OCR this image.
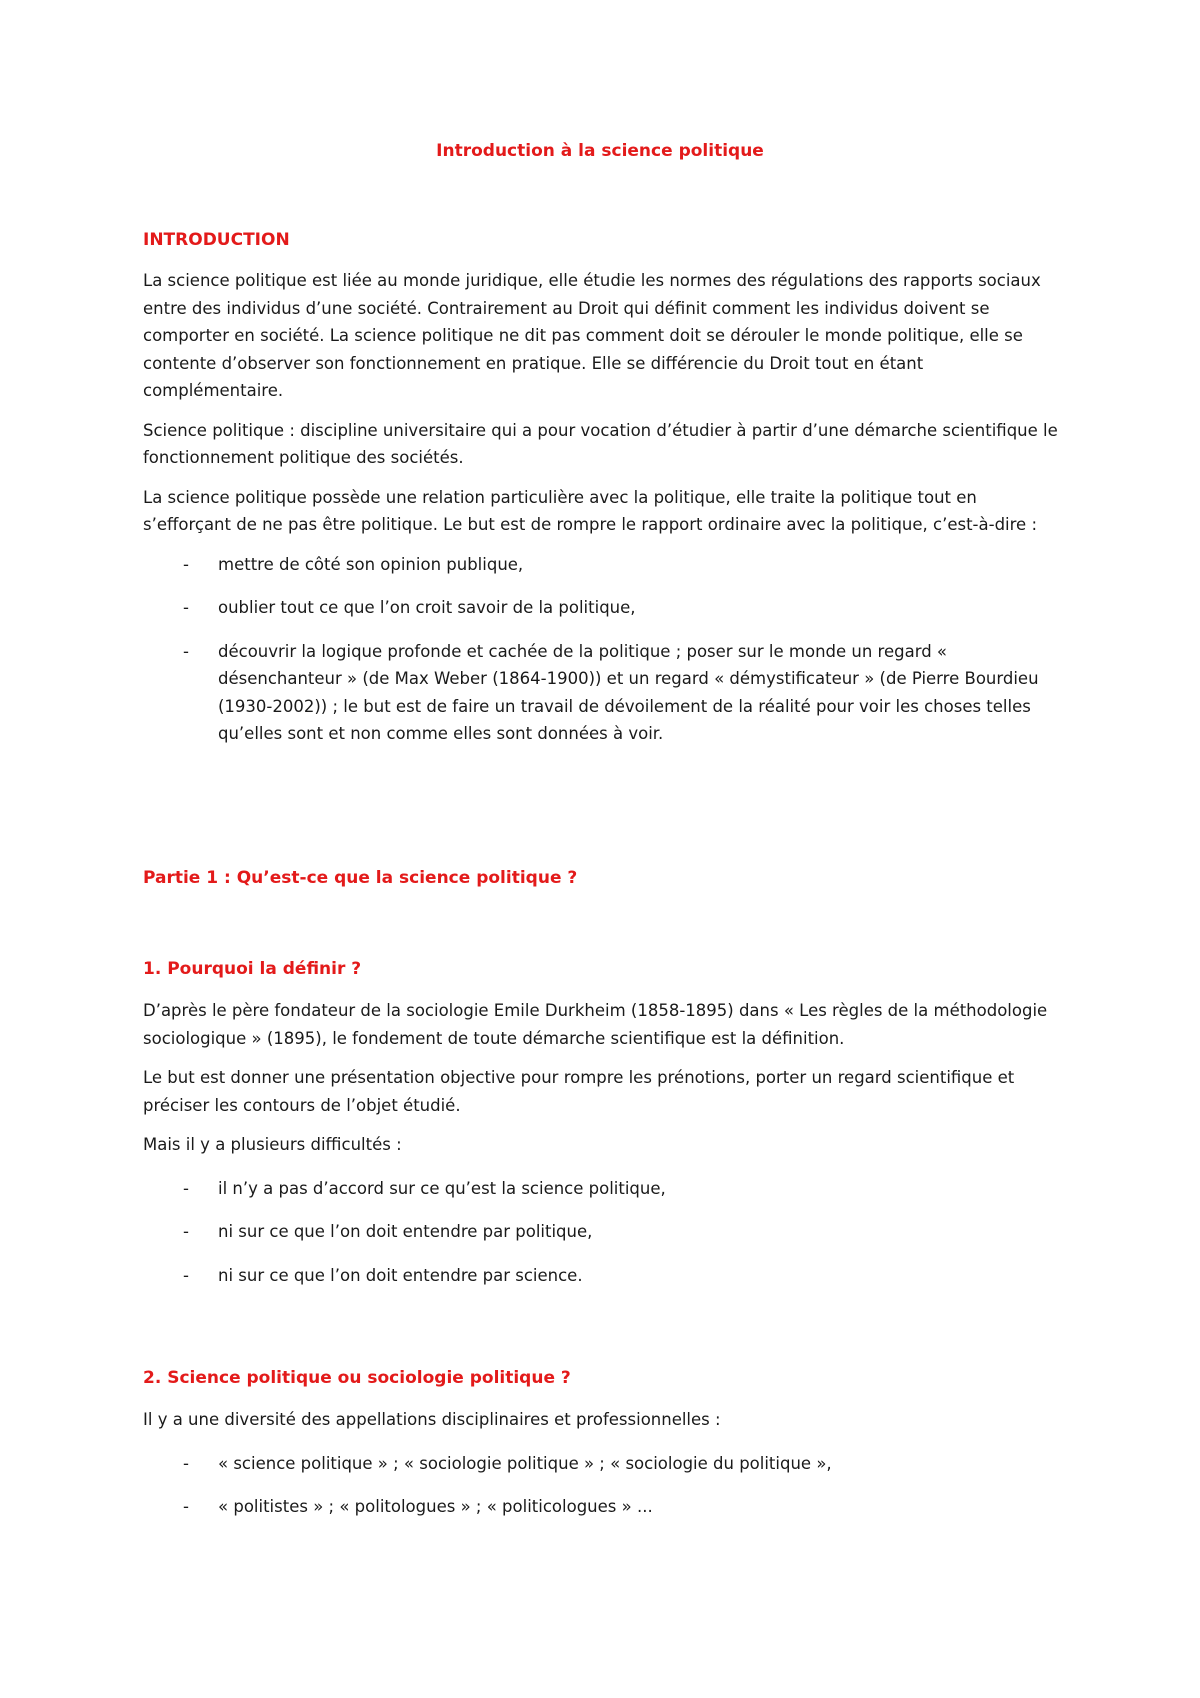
Introduction à la science politique
INTRODUCTION

La science politique est liée au monde juridique, elle étudie les normes des régulations des rapports sociaux entre des individus d’une société. Contrairement au Droit qui définit comment les individus doivent se comporter en société. La science politique ne dit pas comment doit se dérouler le monde politique, elle se contente d’observer son fonctionnement en pratique. Elle se différencie du Droit tout en étant complémentaire.

Science politique : discipline universitaire qui a pour vocation d’étudier à partir d’une démarche scientifique le fonctionnement politique des sociétés.

La science politique possède une relation particulière avec la politique, elle traite la politique tout en s’efforçant de ne pas être politique. Le but est de rompre le rapport ordinaire avec la politique, c’est-à-dire :

- mettre de côté son opinion publique,
- oublier tout ce que l’on croit savoir de la politique,
- découvrir la logique profonde et cachée de la politique ; poser sur le monde un regard « désenchanteur » (de Max Weber (1864-1900)) et un regard « démystificateur » (de Pierre Bourdieu (1930-2002)) ; le but est de faire un travail de dévoilement de la réalité pour voir les choses telles qu’elles sont et non comme elles sont données à voir.
Partie 1 : Qu’est-ce que la science politique ?
1. Pourquoi la définir ?

D’après le père fondateur de la sociologie Emile Durkheim (1858-1895) dans « Les règles de la méthodologie sociologique » (1895), le fondement de toute démarche scientifique est la définition.

Le but est donner une présentation objective pour rompre les prénotions, porter un regard scientifique et préciser les contours de l’objet étudié.

Mais il y a plusieurs difficultés :

- il n’y a pas d’accord sur ce qu’est la science politique,
- ni sur ce que l’on doit entendre par politique,
- ni sur ce que l’on doit entendre par science.
2. Science politique ou sociologie politique ?

Il y a une diversité des appellations disciplinaires et professionnelles :

- « science politique » ; « sociologie politique » ; « sociologie du politique »,
- « politistes » ; « politologues » ; « politicologues » ...
